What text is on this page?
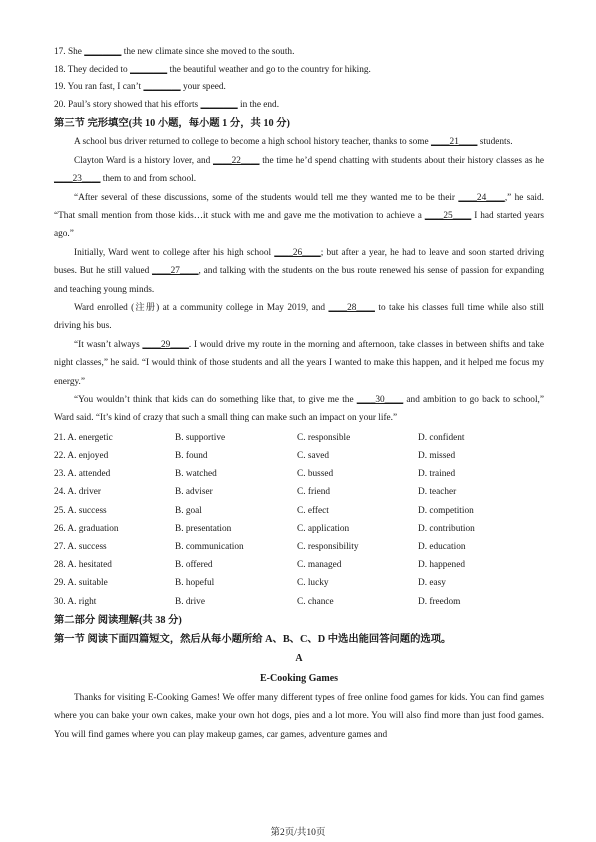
17. She ________ the new climate since she moved to the south.
18. They decided to ________ the beautiful weather and go to the country for hiking.
19. You ran fast, I can’t ________ your speed.
20. Paul’s story showed that his efforts ________ in the end.
第三节 完形填空(共 10 小题，每小题 1 分，共 10 分)
A school bus driver returned to college to become a high school history teacher, thanks to some ____21____ students.
Clayton Ward is a history lover, and ____22____ the time he’d spend chatting with students about their history classes as he ____23____ them to and from school.
“After several of these discussions, some of the students would tell me they wanted me to be their ____24____,” he said. “That small mention from those kids…it stuck with me and gave me the motivation to achieve a ____25____ I had started years ago.”
Initially, Ward went to college after his high school ____26____; but after a year, he had to leave and soon started driving buses. But he still valued ____27____, and talking with the students on the bus route renewed his sense of passion for expanding and teaching young minds.
Ward enrolled (注册) at a community college in May 2019, and ____28____ to take his classes full time while also still driving his bus.
“It wasn’t always ____29____. I would drive my route in the morning and afternoon, take classes in between shifts and take night classes,” he said. “I would think of those students and all the years I wanted to make this happen, and it helped me focus my energy.”
“You wouldn’t think that kids can do something like that, to give me the ____30____ and ambition to go back to school,” Ward said. “It’s kind of crazy that such a small thing can make such an impact on your life.”
21. A. energetic	B. supportive	C. responsible	D. confident
22. A. enjoyed	B. found	C. saved	D. missed
23. A. attended	B. watched	C. bussed	D. trained
24. A. driver	B. adviser	C. friend	D. teacher
25. A. success	B. goal	C. effect	D. competition
26. A. graduation	B. presentation	C. application	D. contribution
27. A. success	B. communication	C. responsibility	D. education
28. A. hesitated	B. offered	C. managed	D. happened
29. A. suitable	B. hopeful	C. lucky	D. easy
30. A. right	B. drive	C. chance	D. freedom
第二部分 阅读理解(共 38 分)
第一节 阅读下面四篇短文，然后从每小题所给 A、B、C、D 中选出能回答问题的选项。
A
E-Cooking Games
Thanks for visiting E-Cooking Games! We offer many different types of free online food games for kids. You can find games where you can bake your own cakes, make your own hot dogs, pies and a lot more. You will also find more than just food games. You will find games where you can play makeup games, car games, adventure games and
第2页/共10页
